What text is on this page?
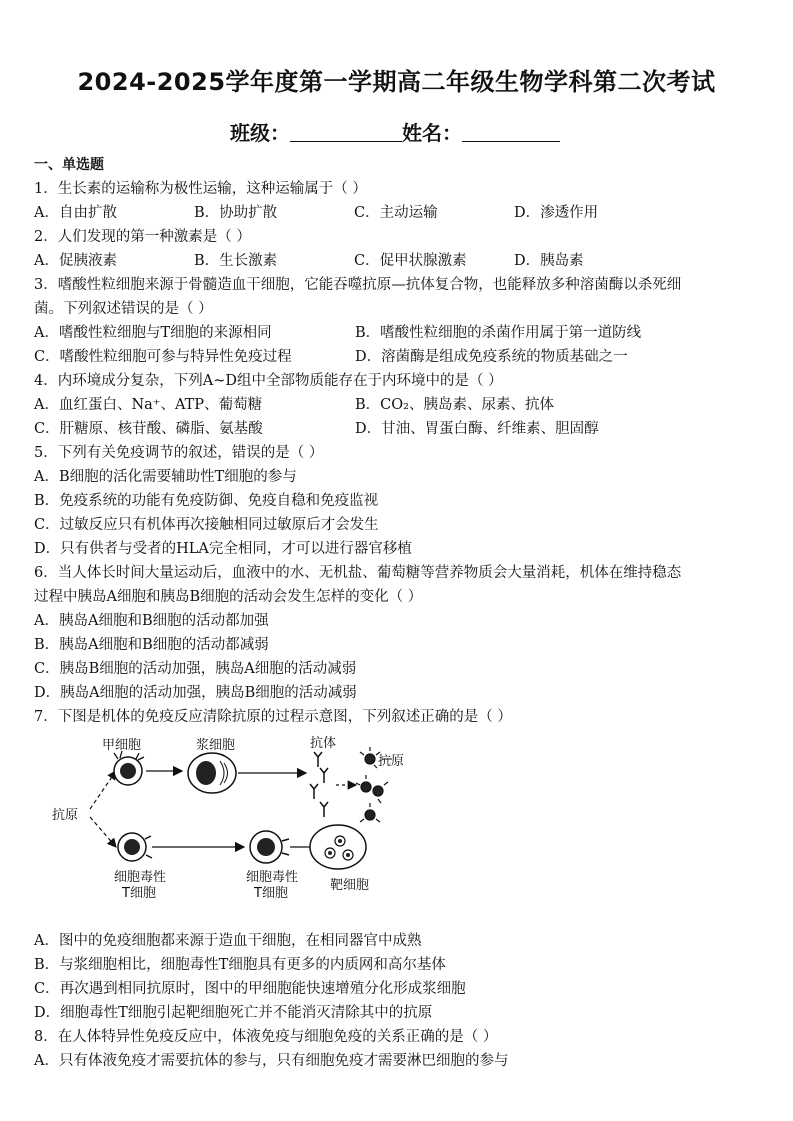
2024-2025学年度第一学期高二年级生物学科第二次考试
班级：	姓名：
一、单选题
1．生长素的运输称为极性运输，这种运输属于（ ）
A．自由扩散	B．协助扩散	C．主动运输	D．渗透作用
2．人们发现的第一种激素是（ ）
A．促胰液素	B．生长激素	C．促甲状腺激素	D．胰岛素
3．嗜酸性粒细胞来源于骨髓造血干细胞，它能吞噬抗原—抗体复合物，也能释放多种溶菌酶以杀死细
菌。下列叙述错误的是（ ）
A．嗜酸性粒细胞与T细胞的来源相同	B．嗜酸性粒细胞的杀菌作用属于第一道防线
C．嗜酸性粒细胞可参与特异性免疫过程	D．溶菌酶是组成免疫系统的物质基础之一
4．内环境成分复杂，下列A~D组中全部物质能存在于内环境中的是（ ）
A．血红蛋白、Na⁺、ATP、葡萄糖	B．CO₂、胰岛素、尿素、抗体
C．肝糖原、核苷酸、磷脂、氨基酸	D．甘油、胃蛋白酶、纤维素、胆固醇
5．下列有关免疫调节的叙述，错误的是（ ）
A．B细胞的活化需要辅助性T细胞的参与
B．免疫系统的功能有免疫防御、免疫自稳和免疫监视
C．过敏反应只有机体再次接触相同过敏原后才会发生
D．只有供者与受者的HLA完全相同，才可以进行器官移植
6．当人体长时间大量运动后，血液中的水、无机盐、葡萄糖等营养物质会大量消耗，机体在维持稳态
过程中胰岛A细胞和胰岛B细胞的活动会发生怎样的变化（ ）
A．胰岛A细胞和B细胞的活动都加强
B．胰岛A细胞和B细胞的活动都减弱
C．胰岛B细胞的活动加强，胰岛A细胞的活动减弱
D．胰岛A细胞的活动加强，胰岛B细胞的活动减弱
7．下图是机体的免疫反应清除抗原的过程示意图，下列叙述正确的是（ ）
甲细胞	浆细胞	抗体
抗原
抗原
细胞毒性
T细胞
细胞毒性
T细胞
靶细胞
A．图中的免疫细胞都来源于造血干细胞，在相同器官中成熟
B．与浆细胞相比，细胞毒性T细胞具有更多的内质网和高尔基体
C．再次遇到相同抗原时，图中的甲细胞能快速增殖分化形成浆细胞
D．细胞毒性T细胞引起靶细胞死亡并不能消灭清除其中的抗原
8．在人体特异性免疫反应中，体液免疫与细胞免疫的关系正确的是（ ）
A．只有体液免疫才需要抗体的参与，只有细胞免疫才需要淋巴细胞的参与
